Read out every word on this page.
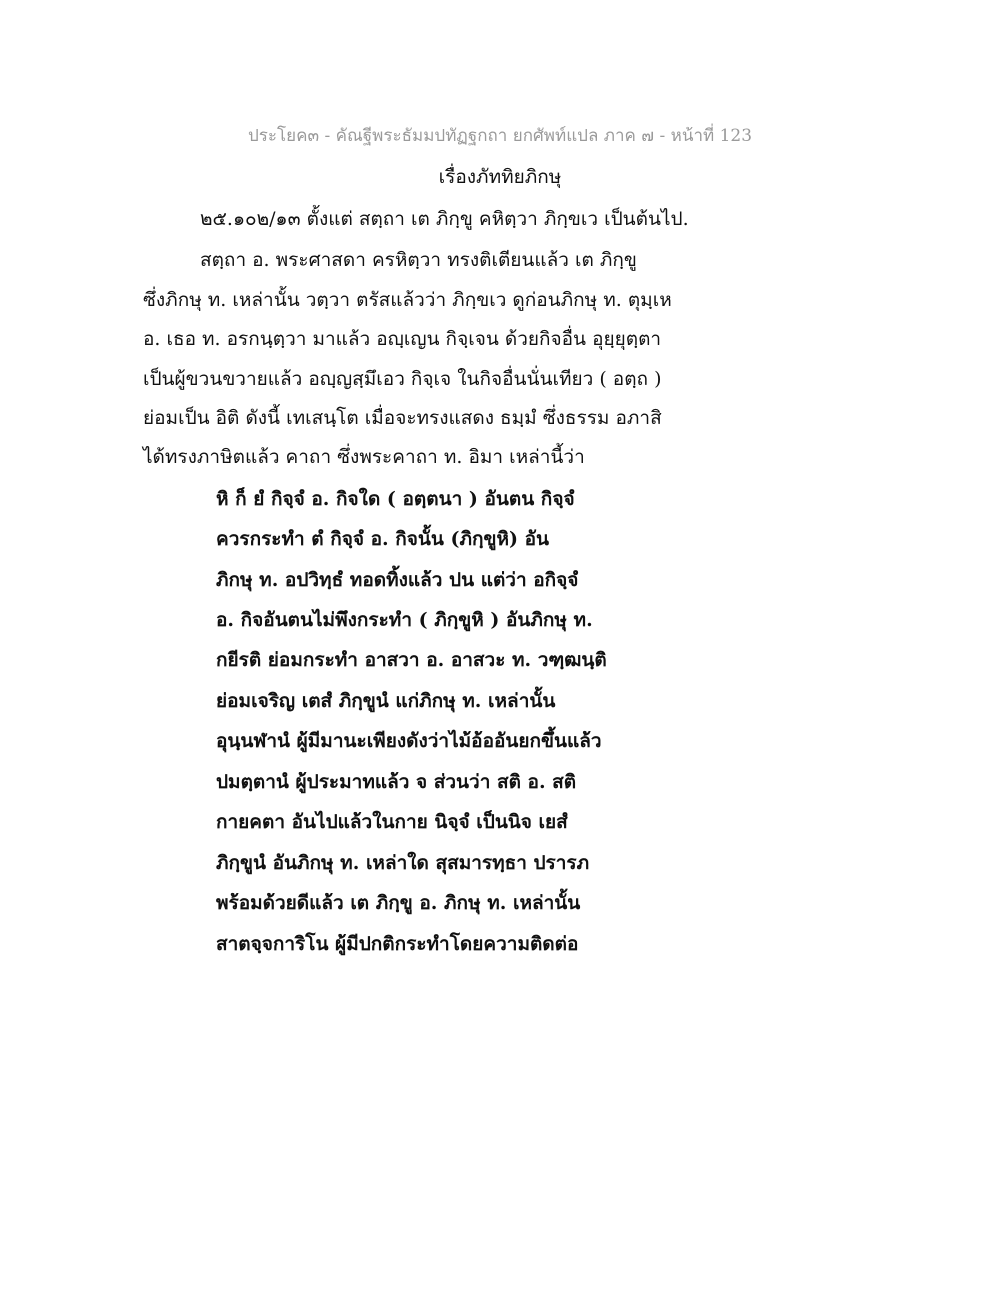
ประโยค๓ - คัณฐีพระธัมมปทัฏฐกถา ยกศัพท์แปล ภาค ๗ - หน้าที่ 123
เรื่องภัททิยภิกษุ
๒๕.๑๐๒/๑๓ ตั้งแต่ สตฺถา เต ภิกฺขู คหิตฺวา ภิกฺขเว เป็นต้นไป.
สตฺถา อ. พระศาสดา ครหิตฺวา ทรงติเตียนแล้ว เต ภิกฺขู
ซึ่งภิกษุ ท. เหล่านั้น วตฺวา ตรัสแล้วว่า ภิกฺขเว ดูก่อนภิกษุ ท. ตุมฺเห
อ. เธอ ท. อรกนฺตฺวา มาแล้ว อญฺเญน กิจฺเจน ด้วยกิจอื่น อุยฺยุตฺตา
เป็นผู้ขวนขวายแล้ว อญฺญสฺมึเอว กิจฺเจ ในกิจอื่นนั่นเทียว ( อตฺถ )
ย่อมเป็น อิติ ดังนี้ เทเสนฺโต เมื่อจะทรงแสดง ธมฺมํ ซึ่งธรรม อภาสิ
ได้ทรงภาษิตแล้ว คาถา ซึ่งพระคาถา ท. อิมา เหล่านี้ว่า
หิ ก็ ยํ กิจฺจํ อ. กิจใด ( อตฺตนา ) อันตน กิจฺจํ
ควรกระทำ ตํ กิจฺจํ อ. กิจนั้น (ภิกฺขูหิ) อัน
ภิกษุ ท. อปวิทฺธํ ทอดทิ้งแล้ว ปน แต่ว่า อกิจฺจํ
อ. กิจอันตนไม่พึงกระทำ ( ภิกฺขูหิ ) อันภิกษุ ท.
กยีรติ ย่อมกระทำ อาสวา อ. อาสวะ ท. วฑฺฒนฺติ
ย่อมเจริญ เตสํ ภิกฺขูนํ แก่ภิกษุ ท. เหล่านั้น
อุนฺนฬานํ ผู้มีมานะเพียงดังว่าไม้อ้ออันยกขึ้นแล้ว
ปมตฺตานํ ผู้ประมาทแล้ว จ ส่วนว่า สติ อ. สติ
กายคตา อันไปแล้วในกาย นิจฺจํ เป็นนิจ เยสํ
ภิกฺขูนํ อันภิกษุ ท. เหล่าใด สุสมารทฺธา ปรารภ
พร้อมด้วยดีแล้ว เต ภิกฺขู อ. ภิกษุ ท. เหล่านั้น
สาตจฺจการิโน ผู้มีปกติกระทำโดยความติดต่อ
